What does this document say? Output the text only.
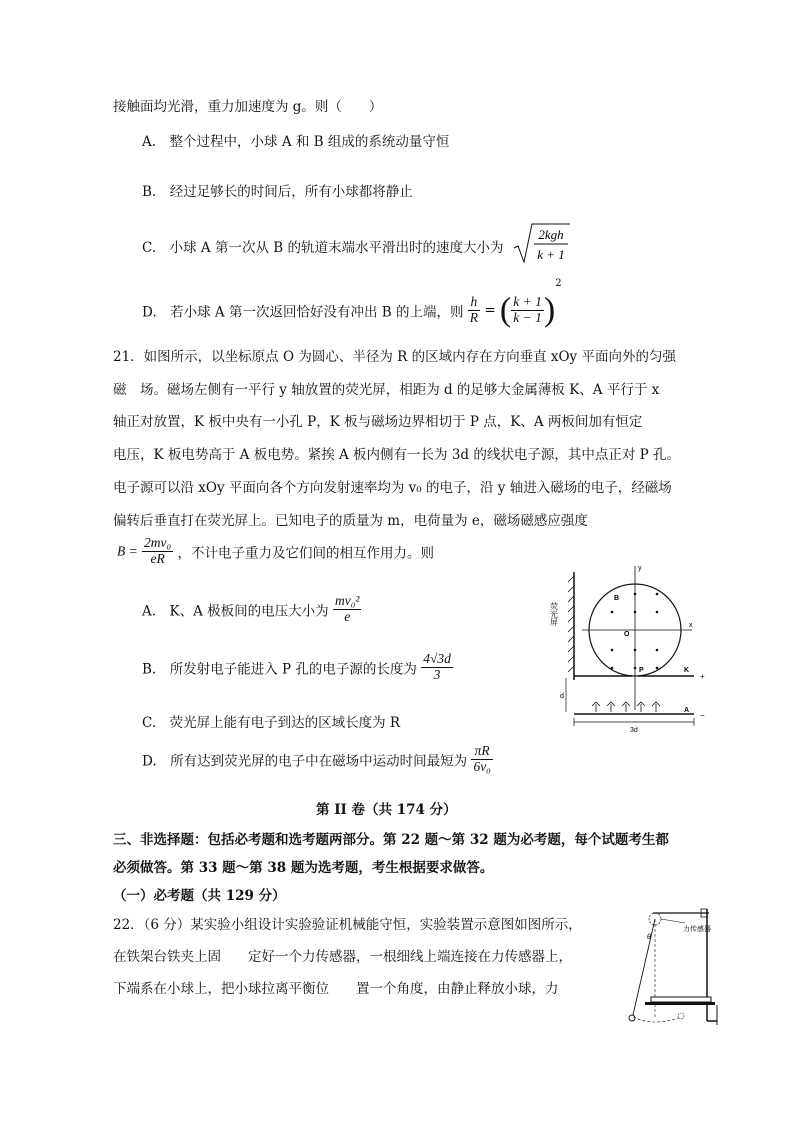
接触面均光滑，重力加速度为 g。则（　　）
A.　整个过程中，小球 A 和 B 组成的系统动量守恒
B.　经过足够长的时间后，所有小球都将静止
C.　小球 A 第一次从 B 的轨道末端水平滑出时的速度大小为
2kgh
k + 1
D.　若小球 A 第一次返回恰好没有冲出 B 的上端，则 $\frac{h}{R}$ = ( $\frac{k + 1}{k - 1} )^2$
21．如图所示，以坐标原点 O 为圆心、半径为 R 的区域内存在方向垂直 xOy 平面向外的匀强
磁　场。磁场左侧有一平行 y 轴放置的荧光屏，相距为 d 的足够大金属薄板 K、A 平行于 x
轴正对放置，K 板中央有一小孔 P，K 板与磁场边界相切于 P 点，K、A 两板间加有恒定
电压，K 板电势高于 A 板电势。紧挨 A 板内侧有一长为 3d 的线状电子源，其中点正对 P 孔。
电子源可以沿 xOy 平面向各个方向发射速率均为 v₀ 的电子，沿 y 轴进入磁场的电子，经磁场
偏转后垂直打在荧光屏上。已知电子的质量为 m，电荷量为 e，磁场磁感应强度
$B = \frac{\text{2mv₀}}{eR}$ ，不计电子重力及它们间的相互作用力。则
A.　K、A 极板间的电压大小为 $\frac{\text{mv₀²}}{e}$
B.　所发射电子能进入 P 孔的电子源的长度为 $\frac{4√3d}{3}$
C.　荧光屏上能有电子到达的区域长度为 R
D.　所有达到荧光屏的电子中在磁场中运动时间最短为 $\frac{\pi R}{\text{6v₀}}$
荧光屏
y
x
O
B
P	K
+
d
A
−
3d
第 II 卷（共 174 分）
三、非选择题：包括必考题和选考题两部分。第 22 题～第 32 题为必考题，每个试题考生都
必须做答。第 33 题～第 38 题为选考题，考生根据要求做答。
（一）必考题（共 129 分）
22．（6 分）某实验小组设计实验验证机械能守恒，实验装置示意图如图所示，
在铁架台铁夹上固　　定好一个力传感器，一根细线上端连接在力传感器上，
下端系在小球上，把小球拉离平衡位　　置一个角度，由静止释放小球，力
力传感器
θ
